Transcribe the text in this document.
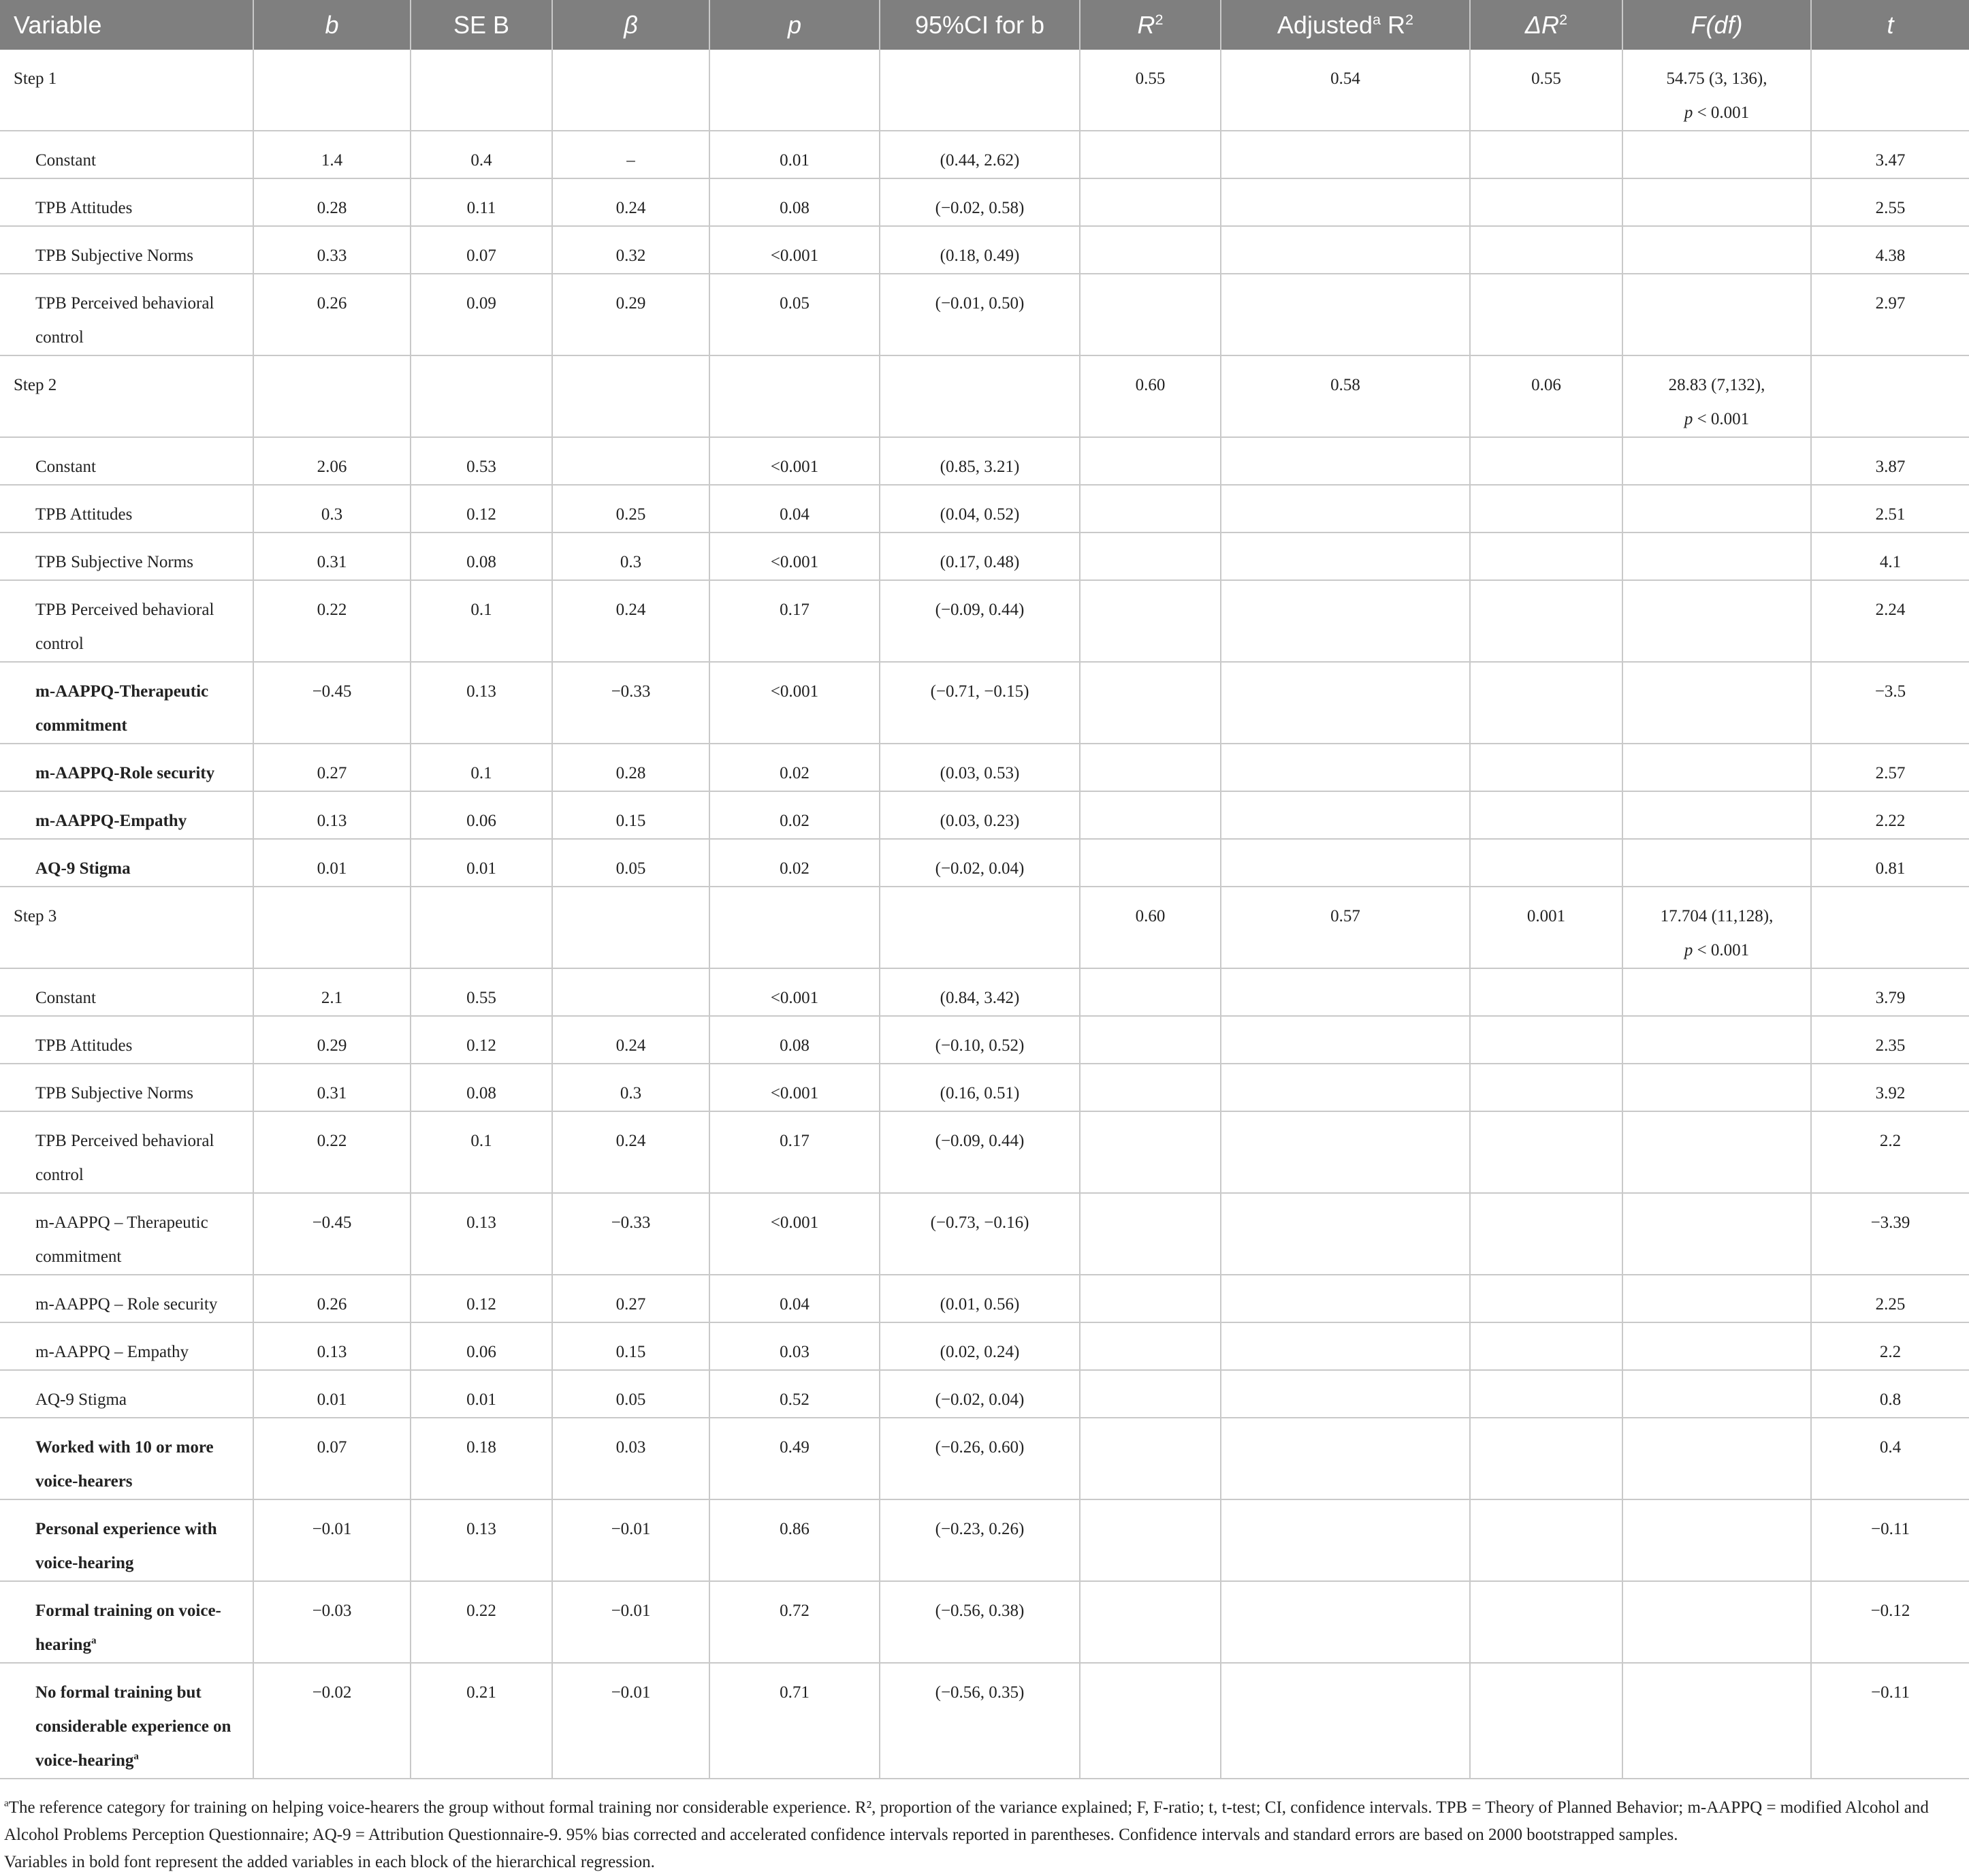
Variable	b	SE B	β	p	95%CI for b	$R^2$	Adjusted$^a$ $R^2$	$\Delta R^2$	F(df)	t
Step 1						0.55	0.54	0.55	54.75 (3, 136),
p < 0.001	
Constant	1.4	0.4	–	0.01	(0.44, 2.62)					3.47
TPB Attitudes	0.28	0.11	0.24	0.08	(−0.02, 0.58)					2.55
TPB Subjective Norms	0.33	0.07	0.32	<0.001	(0.18, 0.49)					4.38
TPB Perceived behavioral control	0.26	0.09	0.29	0.05	(−0.01, 0.50)					2.97
Step 2						0.60	0.58	0.06	28.83 (7,132),
p < 0.001	
Constant	2.06	0.53		<0.001	(0.85, 3.21)					3.87
TPB Attitudes	0.3	0.12	0.25	0.04	(0.04, 0.52)					2.51
TPB Subjective Norms	0.31	0.08	0.3	<0.001	(0.17, 0.48)					4.1
TPB Perceived behavioral control	0.22	0.1	0.24	0.17	(−0.09, 0.44)					2.24
m-AAPPQ-Therapeutic commitment	−0.45	0.13	−0.33	<0.001	(−0.71, −0.15)					−3.5
m-AAPPQ-Role security	0.27	0.1	0.28	0.02	(0.03, 0.53)					2.57
m-AAPPQ-Empathy	0.13	0.06	0.15	0.02	(0.03, 0.23)					2.22
AQ-9 Stigma	0.01	0.01	0.05	0.02	(−0.02, 0.04)					0.81
Step 3						0.60	0.57	0.001	17.704 (11,128),
p < 0.001	
Constant	2.1	0.55		<0.001	(0.84, 3.42)					3.79
TPB Attitudes	0.29	0.12	0.24	0.08	(−0.10, 0.52)					2.35
TPB Subjective Norms	0.31	0.08	0.3	<0.001	(0.16, 0.51)					3.92
TPB Perceived behavioral control	0.22	0.1	0.24	0.17	(−0.09, 0.44)					2.2
m-AAPPQ – Therapeutic commitment	−0.45	0.13	−0.33	<0.001	(−0.73, −0.16)					−3.39
m-AAPPQ – Role security	0.26	0.12	0.27	0.04	(0.01, 0.56)					2.25
m-AAPPQ – Empathy	0.13	0.06	0.15	0.03	(0.02, 0.24)					2.2
AQ-9 Stigma	0.01	0.01	0.05	0.52	(−0.02, 0.04)					0.8
Worked with 10 or more voice-hearers	0.07	0.18	0.03	0.49	(−0.26, 0.60)					0.4
Personal experience with voice-hearing	−0.01	0.13	−0.01	0.86	(−0.23, 0.26)					−0.11
Formal training on voice-hearing$^a$	−0.03	0.22	−0.01	0.72	(−0.56, 0.38)					−0.12
No formal training but considerable experience on voice-hearing$^a$	−0.02	0.21	−0.01	0.71	(−0.56, 0.35)					−0.11
$^a$The reference category for training on helping voice-hearers the group without formal training nor considerable experience. R², proportion of the variance explained; F, F-ratio; t, t-test; CI, confidence intervals. TPB = Theory of Planned Behavior; m-AAPPQ = modified Alcohol and Alcohol Problems Perception Questionnaire; AQ-9 = Attribution Questionnaire-9. 95% bias corrected and accelerated confidence intervals reported in parentheses. Confidence intervals and standard errors are based on 2000 bootstrapped samples.
Variables in bold font represent the added variables in each block of the hierarchical regression.
